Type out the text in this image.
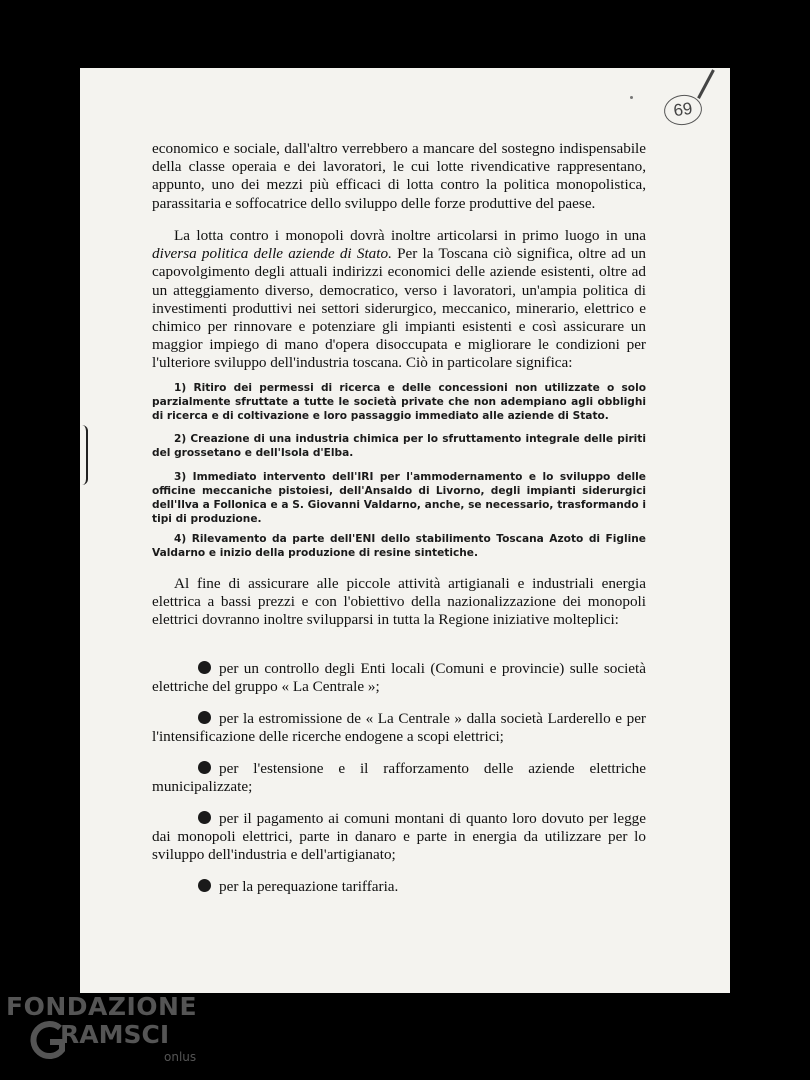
69

economico e sociale, dall'altro verrebbero a mancare del sostegno indispensabile della classe operaia e dei lavoratori, le cui lotte rivendicative rappresentano, appunto, uno dei mezzi più efficaci di lotta contro la politica monopolistica, parassitaria e soffocatrice dello sviluppo delle forze produttive del paese.

La lotta contro i monopoli dovrà inoltre articolarsi in primo luogo in una diversa politica delle aziende di Stato. Per la Toscana ciò significa, oltre ad un capovolgimento degli attuali indirizzi economici delle aziende esistenti, oltre ad un atteggiamento diverso, democratico, verso i lavoratori, un'ampia politica di investimenti produttivi nei settori siderurgico, meccanico, minerario, elettrico e chimico per rinnovare e potenziare gli impianti esistenti e così assicurare un maggior impiego di mano d'opera disoccupata e migliorare le condizioni per l'ulteriore sviluppo dell'industria toscana. Ciò in particolare significa:

1) Ritiro dei permessi di ricerca e delle concessioni non utilizzate o solo parzialmente sfruttate a tutte le società private che non adempiano agli obblighi di ricerca e di coltivazione e loro passaggio immediato alle aziende di Stato.
2) Creazione di una industria chimica per lo sfruttamento integrale delle piriti del grossetano e dell'Isola d'Elba.
3) Immediato intervento dell'IRI per l'ammodernamento e lo sviluppo delle officine meccaniche pistoiesi, dell'Ansaldo di Livorno, degli impianti siderurgici dell'Ilva a Follonica e a S. Giovanni Valdarno, anche, se necessario, trasformando i tipi di produzione.
4) Rilevamento da parte dell'ENI dello stabilimento Toscana Azoto di Figline Valdarno e inizio della produzione di resine sintetiche.

Al fine di assicurare alle piccole attività artigianali e industriali energia elettrica a bassi prezzi e con l'obiettivo della nazionalizzazione dei monopoli elettrici dovranno inoltre svilupparsi in tutta la Regione iniziative molteplici:

per un controllo degli Enti locali (Comuni e provincie) sulle società elettriche del gruppo « La Centrale »;
per la estromissione de « La Centrale » dalla società Larderello e per l'intensificazione delle ricerche endogene a scopi elettrici;
per l'estensione e il rafforzamento delle aziende elettriche municipalizzate;
per il pagamento ai comuni montani di quanto loro dovuto per legge dai monopoli elettrici, parte in danaro e parte in energia da utilizzare per lo sviluppo dell'industria e dell'artigianato;
per la perequazione tariffaria.
FONDAZIONE
RAMSCI
onlus
